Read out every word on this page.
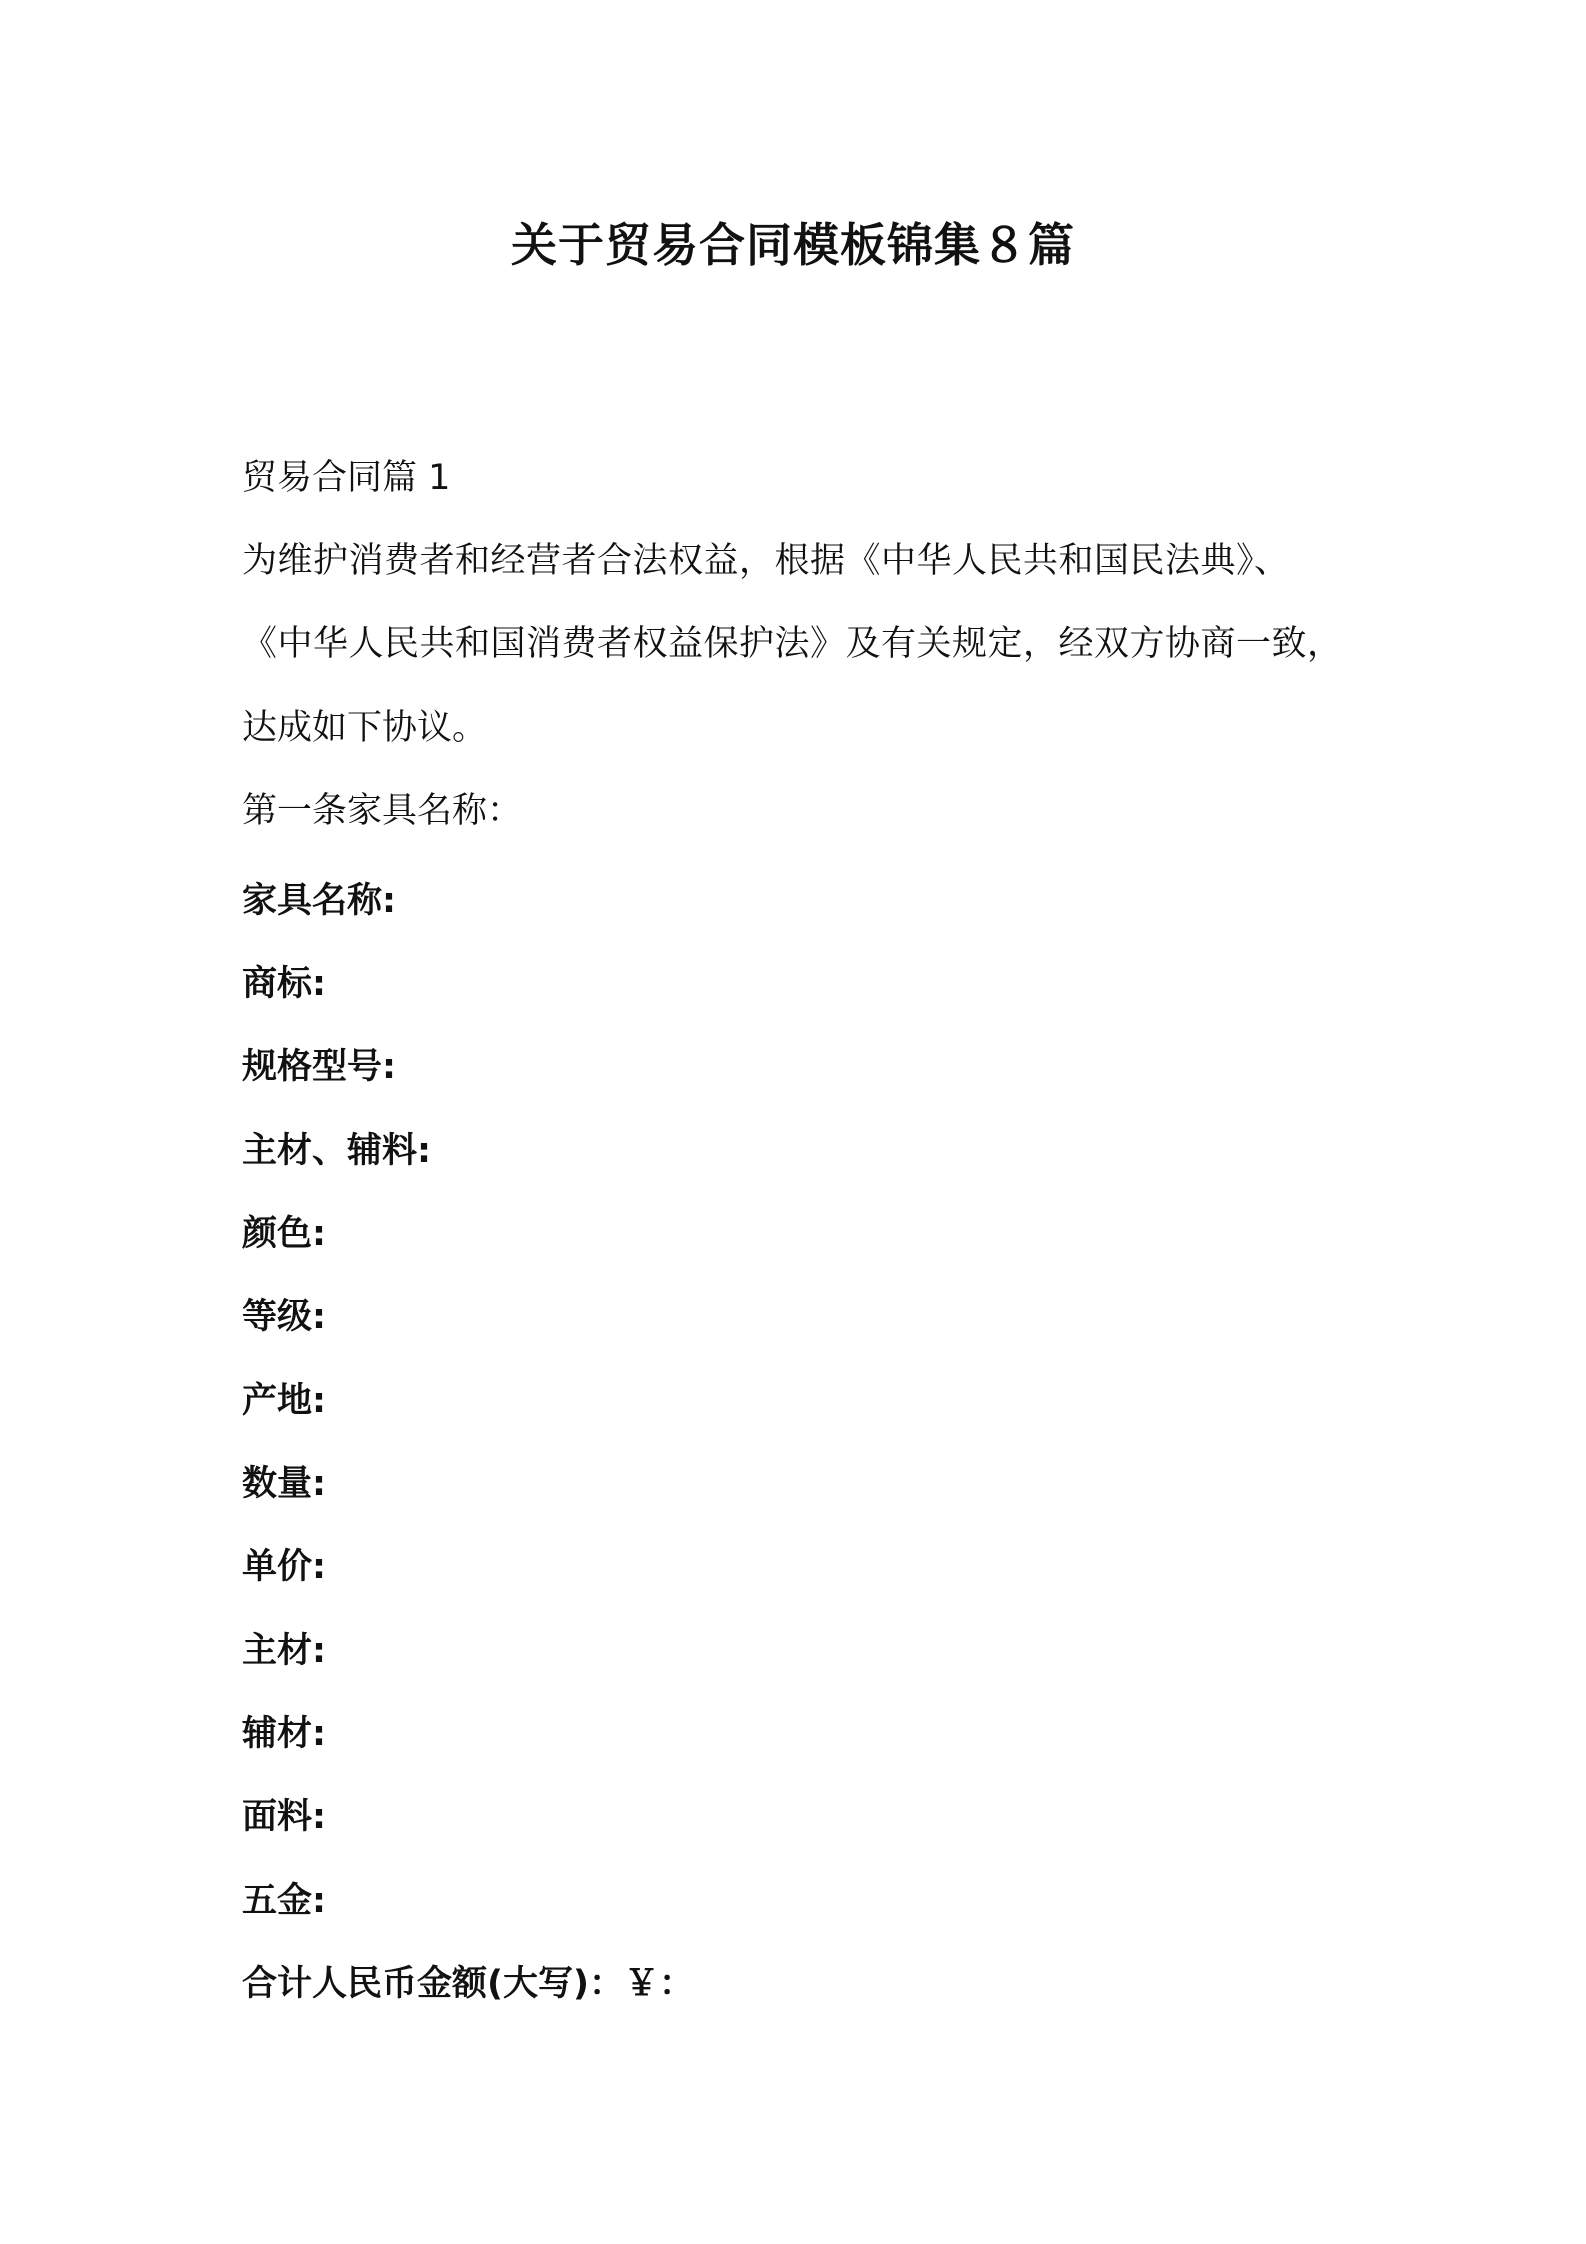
关于贸易合同模板锦集８篇
贸易合同篇 1
为维护消费者和经营者合法权益，根据《中华人民共和国民法典》、
《中华人民共和国消费者权益保护法》及有关规定，经双方协商一致，
达成如下协议。
第一条家具名称：
家具名称:
商标:
规格型号:
主材、辅料:
颜色:
等级:
产地:
数量:
单价:
主材:
辅材:
面料:
五金:
合计人民币金额(大写)：￥：
